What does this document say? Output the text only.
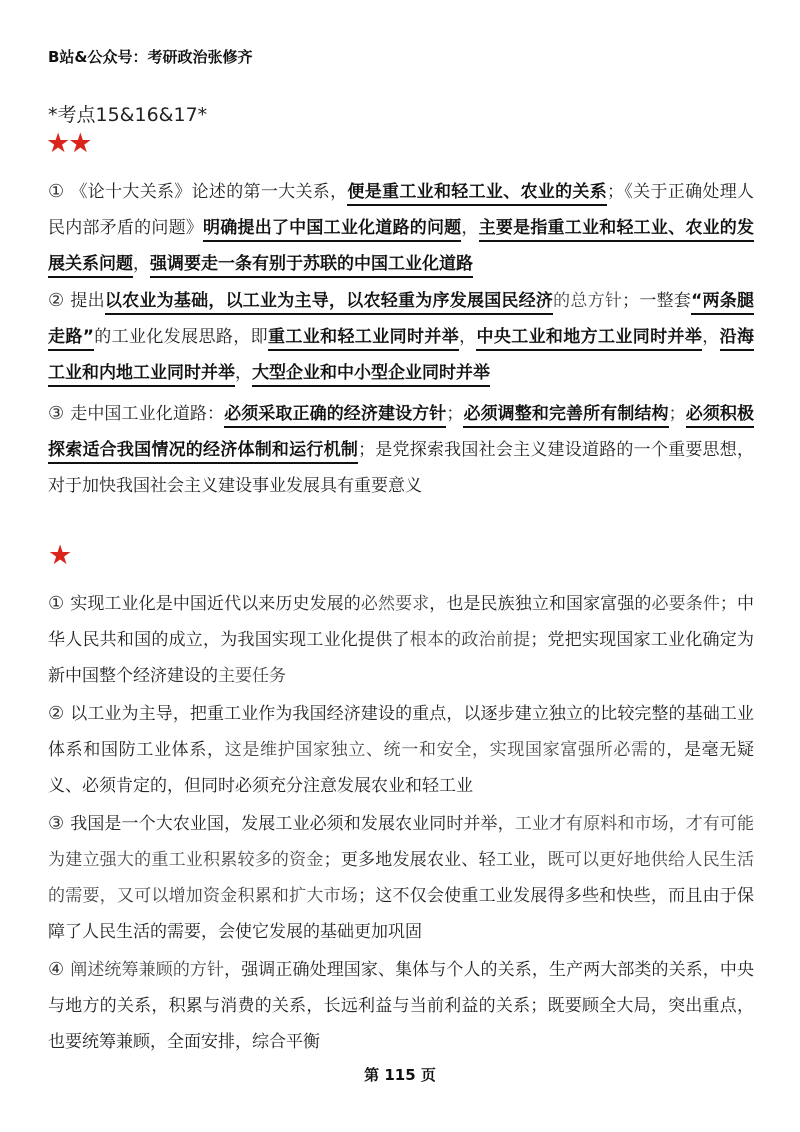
B站&公众号：考研政治张修齐
*考点15&16&17*
★★
① 《论十大关系》论述的第一大关系，便是重工业和轻工业、农业的关系；《关于正确处理人民内部矛盾的问题》明确提出了中国工业化道路的问题，主要是指重工业和轻工业、农业的发展关系问题，强调要走一条有别于苏联的中国工业化道路
② 提出以农业为基础，以工业为主导，以农轻重为序发展国民经济的总方针；一整套“两条腿走路”的工业化发展思路，即重工业和轻工业同时并举，中央工业和地方工业同时并举，沿海工业和内地工业同时并举，大型企业和中小型企业同时并举
③ 走中国工业化道路：必须采取正确的经济建设方针；必须调整和完善所有制结构；必须积极探索适合我国情况的经济体制和运行机制；是党探索我国社会主义建设道路的一个重要思想，对于加快我国社会主义建设事业发展具有重要意义
★
① 实现工业化是中国近代以来历史发展的必然要求，也是民族独立和国家富强的必要条件；中华人民共和国的成立，为我国实现工业化提供了根本的政治前提；党把实现国家工业化确定为新中国整个经济建设的主要任务
② 以工业为主导，把重工业作为我国经济建设的重点，以逐步建立独立的比较完整的基础工业体系和国防工业体系，这是维护国家独立、统一和安全，实现国家富强所必需的，是毫无疑义、必须肯定的，但同时必须充分注意发展农业和轻工业
③ 我国是一个大农业国，发展工业必须和发展农业同时并举，工业才有原料和市场，才有可能为建立强大的重工业积累较多的资金；更多地发展农业、轻工业，既可以更好地供给人民生活的需要，又可以增加资金积累和扩大市场；这不仅会使重工业发展得多些和快些，而且由于保障了人民生活的需要，会使它发展的基础更加巩固
④ 阐述统筹兼顾的方针，强调正确处理国家、集体与个人的关系，生产两大部类的关系，中央与地方的关系，积累与消费的关系，长远利益与当前利益的关系；既要顾全大局，突出重点，也要统筹兼顾，全面安排，综合平衡
第 115 页
